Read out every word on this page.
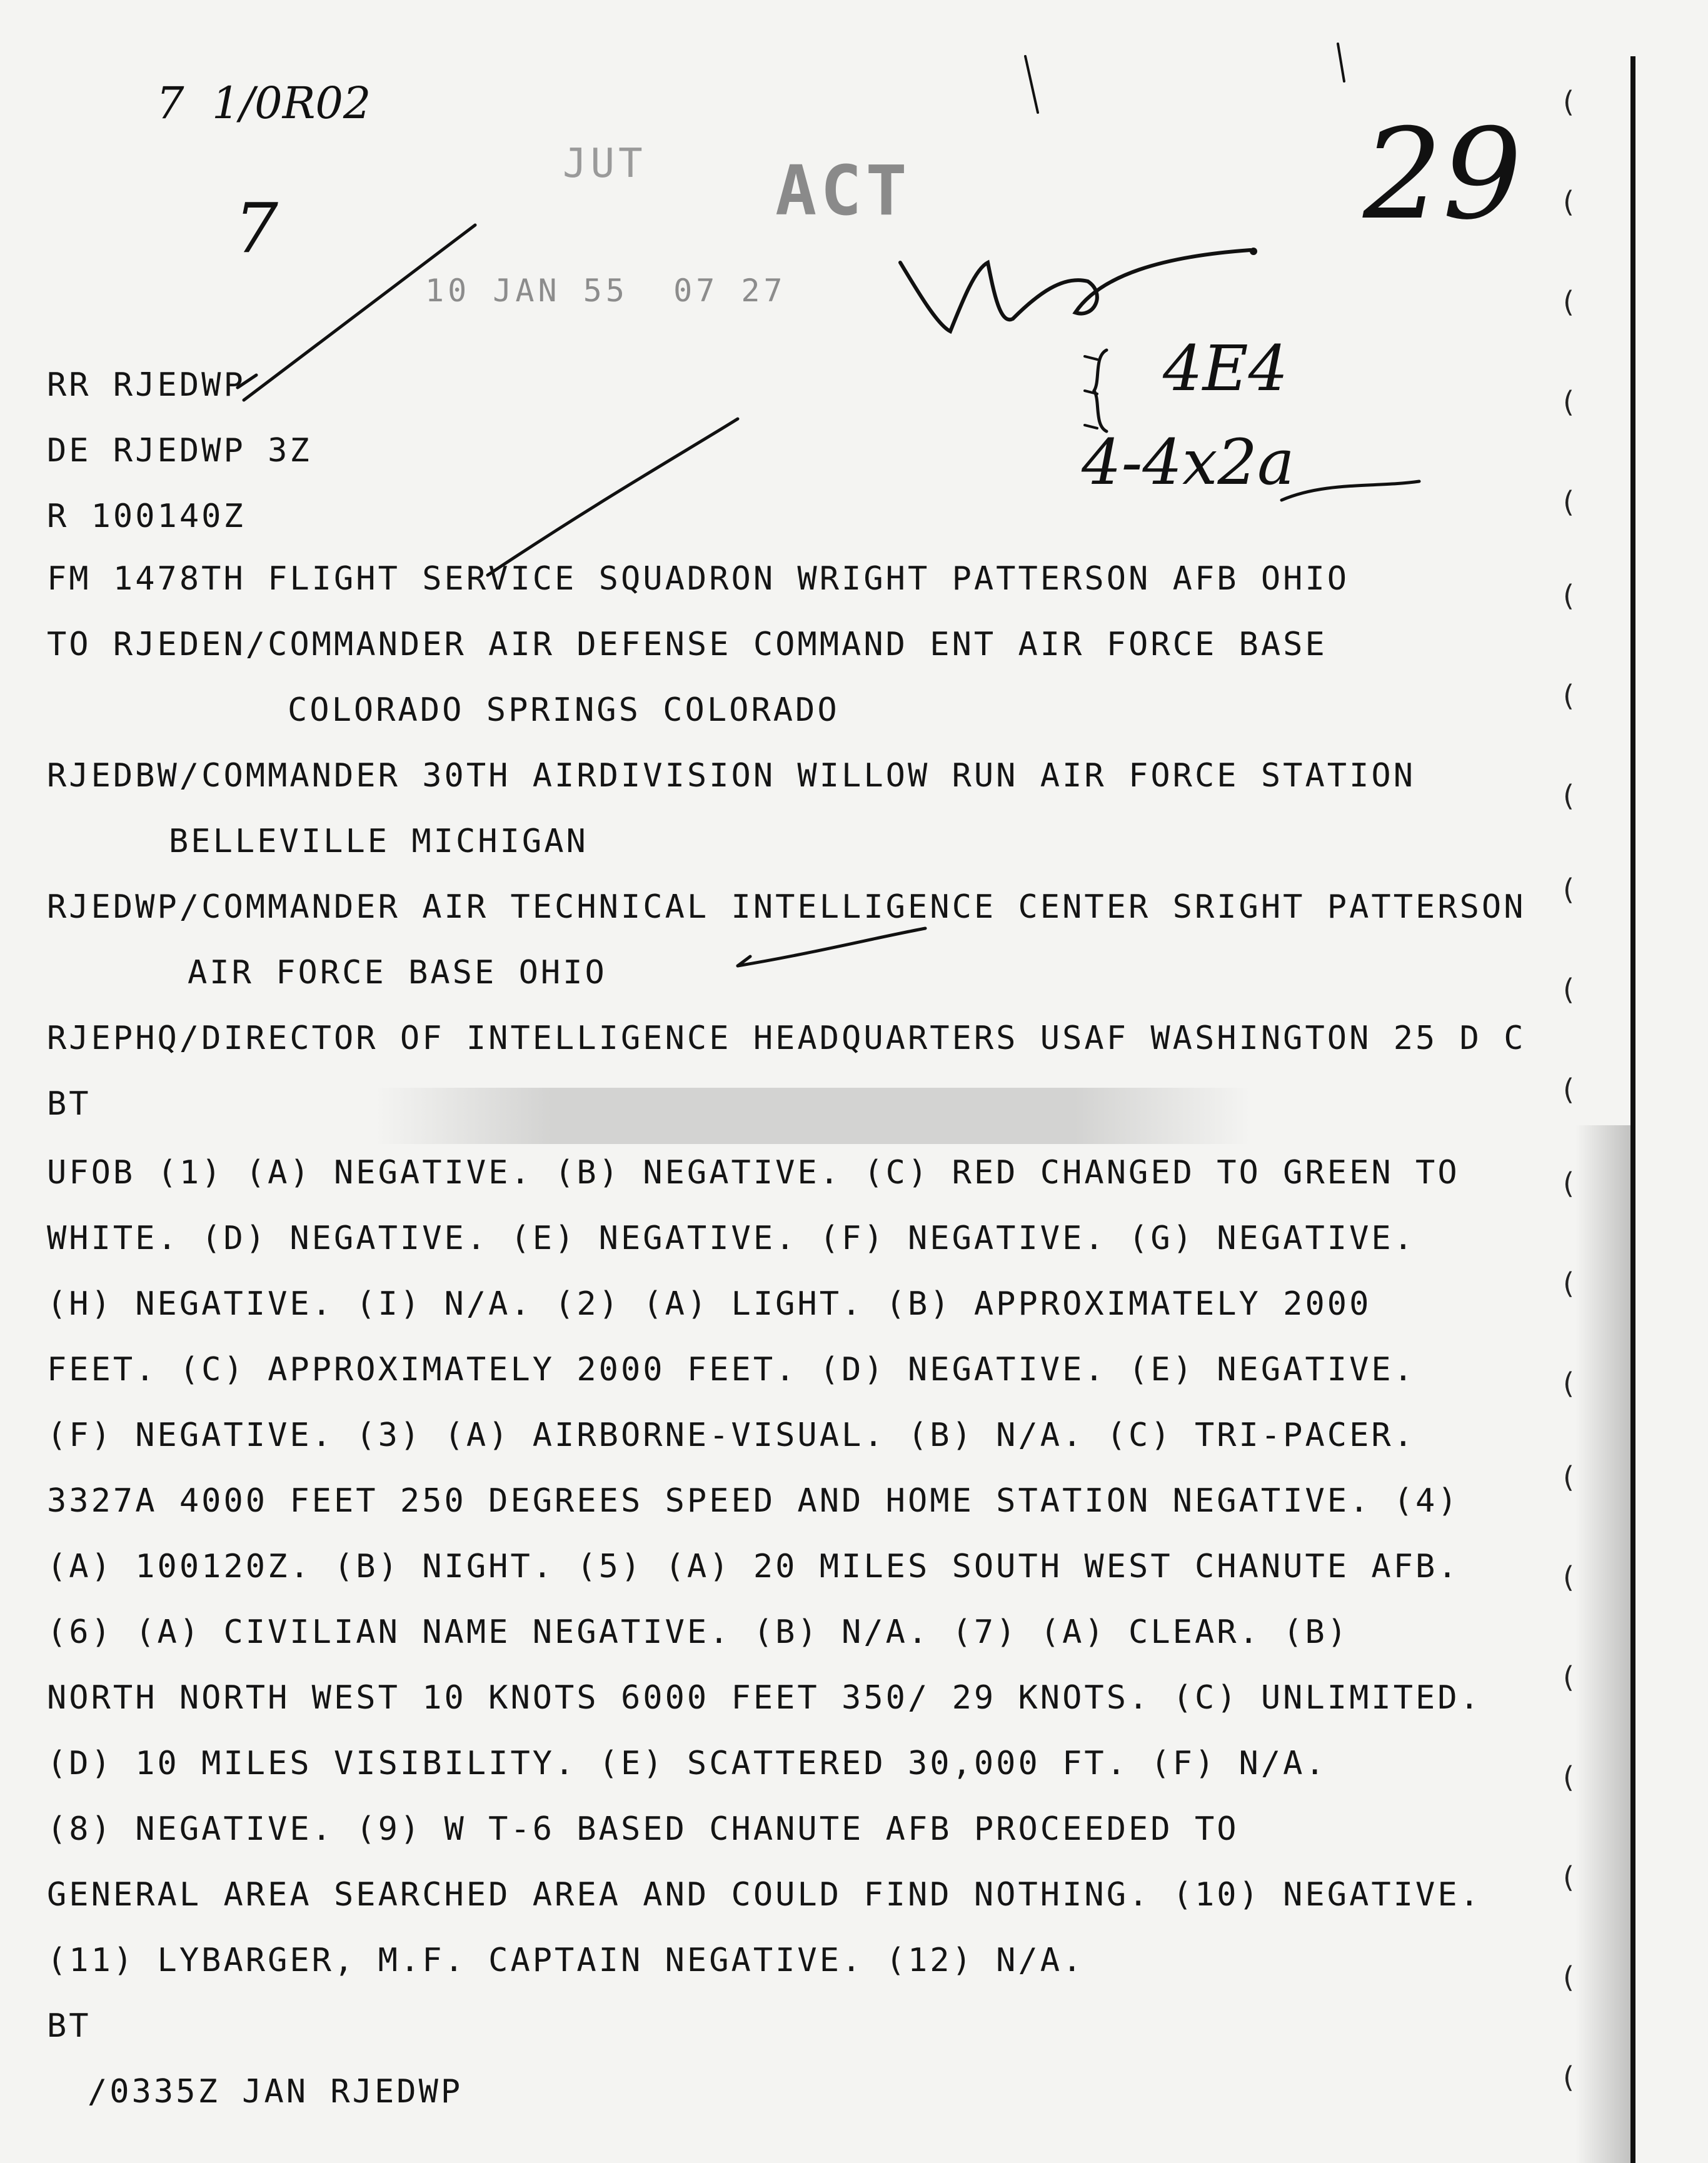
(
(
(
(
(
(
(
(
(
(
(
(
(
(
(
(
(
(
(
(
(
JUT ACT
10 JAN 55  07 27
7  1/0R02
7	29
4E4
4-4x2a
RR RJEDWP
DE RJEDWP 3Z
R 100140Z
FM 1478TH FLIGHT SERVICE SQUADRON WRIGHT PATTERSON AFB OHIO
TO RJEDEN/COMMANDER AIR DEFENSE COMMAND ENT AIR FORCE BASE
COLORADO SPRINGS COLORADO
RJEDBW/COMMANDER 30TH AIRDIVISION WILLOW RUN AIR FORCE STATION
BELLEVILLE MICHIGAN
RJEDWP/COMMANDER AIR TECHNICAL INTELLIGENCE CENTER SRIGHT PATTERSON
AIR FORCE BASE OHIO
RJEPHQ/DIRECTOR OF INTELLIGENCE HEADQUARTERS USAF WASHINGTON 25 D C
BT
UFOB (1) (A) NEGATIVE. (B) NEGATIVE. (C) RED CHANGED TO GREEN TO
WHITE. (D) NEGATIVE. (E) NEGATIVE. (F) NEGATIVE. (G) NEGATIVE.
(H) NEGATIVE. (I) N/A. (2) (A) LIGHT. (B) APPROXIMATELY 2000
FEET. (C) APPROXIMATELY 2000 FEET. (D) NEGATIVE. (E) NEGATIVE.
(F) NEGATIVE. (3) (A) AIRBORNE-VISUAL. (B) N/A. (C) TRI-PACER.
3327A 4000 FEET 250 DEGREES SPEED AND HOME STATION NEGATIVE. (4)
(A) 100120Z. (B) NIGHT. (5) (A) 20 MILES SOUTH WEST CHANUTE AFB.
(6) (A) CIVILIAN NAME NEGATIVE. (B) N/A. (7) (A) CLEAR. (B)
NORTH NORTH WEST 10 KNOTS 6000 FEET 350/ 29 KNOTS. (C) UNLIMITED.
(D) 10 MILES VISIBILITY. (E) SCATTERED 30,000 FT. (F) N/A.
(8) NEGATIVE. (9) W T-6 BASED CHANUTE AFB PROCEEDED TO
GENERAL AREA SEARCHED AREA AND COULD FIND NOTHING. (10) NEGATIVE.
(11) LYBARGER, M.F. CAPTAIN NEGATIVE. (12) N/A.
BT
/0335Z JAN RJEDWP
